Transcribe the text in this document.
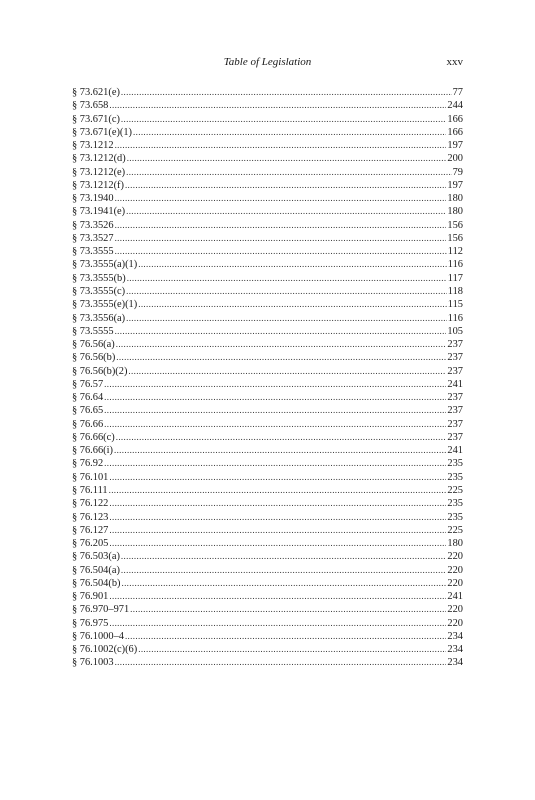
Table of Legislation	xxv
§ 73.621(e) .....	77
§ 73.658 .....	244
§ 73.671(c) .....	166
§ 73.671(e)(1) .....	166
§ 73.1212 .....	197
§ 73.1212(d) .....	200
§ 73.1212(e) .....	79
§ 73.1212(f) .....	197
§ 73.1940 .....	180
§ 73.1941(e) .....	180
§ 73.3526 .....	156
§ 73.3527 .....	156
§ 73.3555 .....	112
§ 73.3555(a)(1) .....	116
§ 73.3555(b) .....	117
§ 73.3555(c) .....	118
§ 73.3555(e)(1) .....	115
§ 73.3556(a) .....	116
§ 73.5555 .....	105
§ 76.56(a) .....	237
§ 76.56(b) .....	237
§ 76.56(b)(2) .....	237
§ 76.57 .....	241
§ 76.64 .....	237
§ 76.65 .....	237
§ 76.66 .....	237
§ 76.66(c) .....	237
§ 76.66(i) .....	241
§ 76.92 .....	235
§ 76.101 .....	235
§ 76.111 .....	225
§ 76.122 .....	235
§ 76.123 .....	235
§ 76.127 .....	225
§ 76.205 .....	180
§ 76.503(a) .....	220
§ 76.504(a) .....	220
§ 76.504(b) .....	220
§ 76.901 .....	241
§ 76.970–971 .....	220
§ 76.975 .....	220
§ 76.1000–4 .....	234
§ 76.1002(c)(6) .....	234
§ 76.1003 .....	234
